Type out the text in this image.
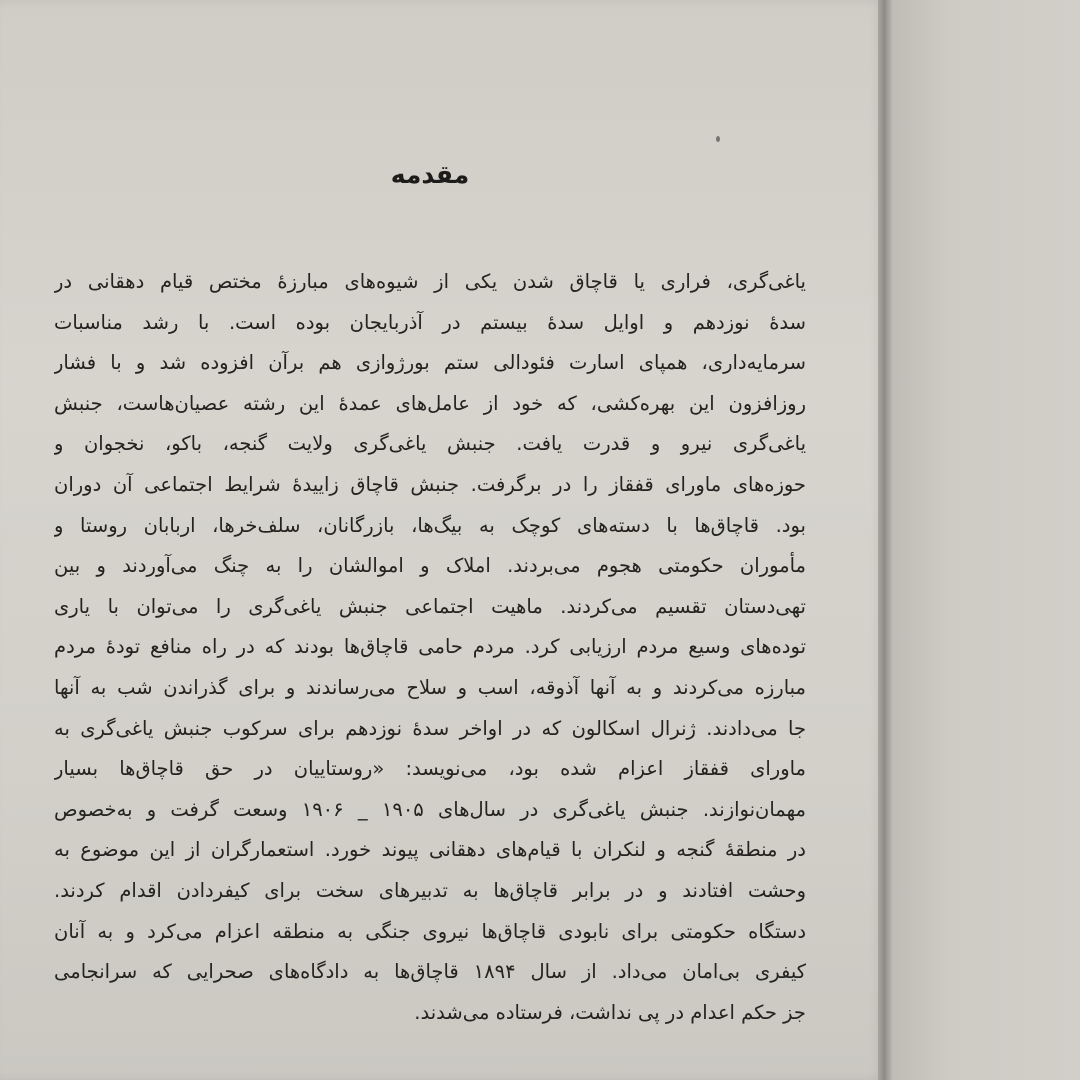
مقدمه
یاغی‌گری، فراری یا قاچاق شدن یکی از شیوه‌های مبارزهٔ مختص قیام دهقانی در
سدهٔ نوزدهم و اوایل سدهٔ بیستم در آذربایجان بوده است. با رشد مناسبات
سرمایه‌داری، همپای اسارت فئودالی ستم بورژوازی هم برآن افزوده شد و با فشار
روزافزون این بهره‌کشی، که خود از عامل‌های عمدهٔ این رشته عصیان‌هاست، جنبش
یاغی‌گری نیرو و قدرت یافت. جنبش یاغی‌گری ولایت گنجه، باکو، نخجوان و
حوزه‌های ماورای قفقاز را در برگرفت. جنبش قاچاق زاییدهٔ شرایط اجتماعی آن دوران
بود. قاچاق‌ها با دسته‌های کوچک به بیگ‌ها، بازرگانان، سلف‌خرها، اربابان روستا و
مأموران حکومتی هجوم می‌بردند. املاک و اموالشان را به چنگ می‌آوردند و بین
تهی‌دستان تقسیم می‌کردند. ماهیت اجتماعی جنبش یاغی‌گری را می‌توان با یاری
توده‌های وسیع مردم ارزیابی کرد. مردم حامی قاچاق‌ها بودند که در راه منافع تودهٔ مردم
مبارزه می‌کردند و به آنها آذوقه، اسب و سلاح می‌رساندند و برای گذراندن شب به آنها
جا می‌دادند. ژنرال اسکالون که در اواخر سدهٔ نوزدهم برای سرکوب جنبش یاغی‌گری به
ماورای قفقاز اعزام شده بود، می‌نویسد: «روستاییان در حق قاچاق‌ها بسیار
مهمان‌نوازند. جنبش یاغی‌گری در سال‌های ۱۹۰۵ _ ۱۹۰۶ وسعت گرفت و به‌خصوص
در منطقهٔ گنجه و لنکران با قیام‌های دهقانی پیوند خورد. استعمارگران از این موضوع به
وحشت افتادند و در برابر قاچاق‌ها به تدبیرهای سخت برای کیفردادن اقدام کردند.
دستگاه حکومتی برای نابودی قاچاق‌ها نیروی جنگی به منطقه اعزام می‌کرد و به آنان
کیفری بی‌امان می‌داد. از سال ۱۸۹۴ قاچاق‌ها به دادگاه‌های صحرایی که سرانجامی
جز حکم اعدام در پی نداشت، فرستاده می‌شدند.
